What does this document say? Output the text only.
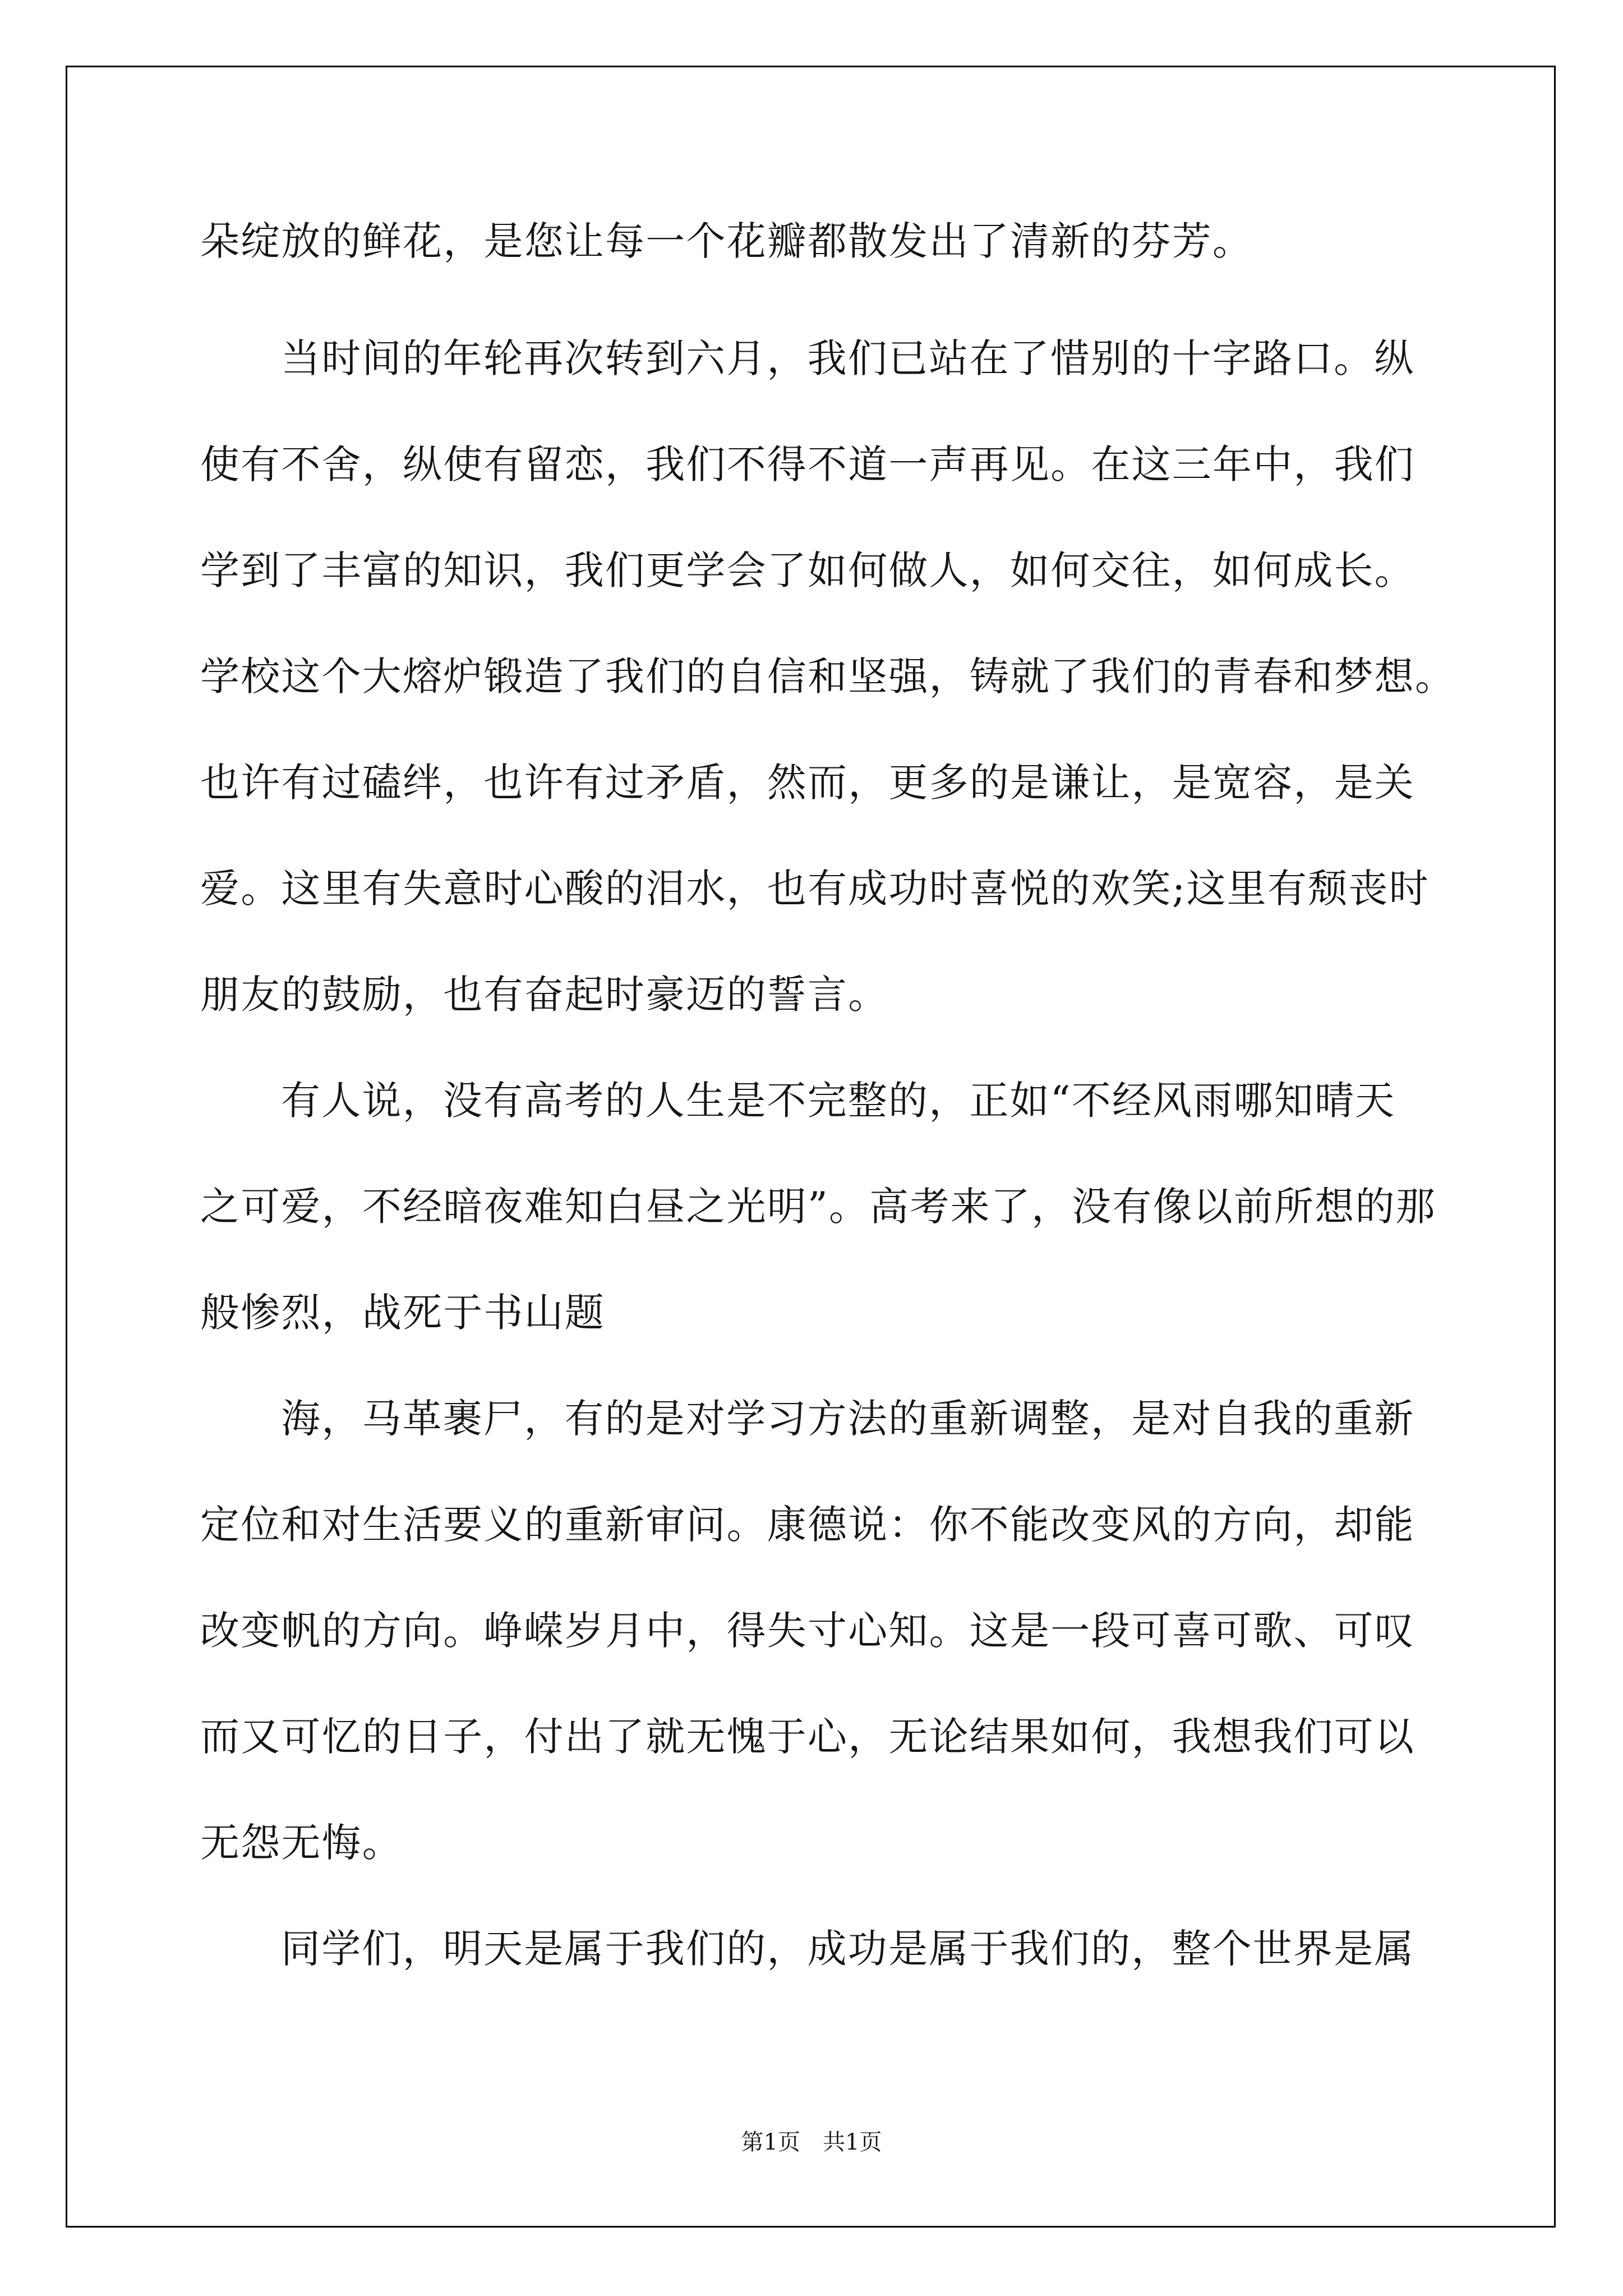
朵绽放的鲜花，是您让每一个花瓣都散发出了清新的芬芳。
当时间的年轮再次转到六月，我们已站在了惜别的十字路口。纵
使有不舍，纵使有留恋，我们不得不道一声再见。在这三年中，我们
学到了丰富的知识，我们更学会了如何做人，如何交往，如何成长。
学校这个大熔炉锻造了我们的自信和坚强，铸就了我们的青春和梦想。
也许有过磕绊，也许有过矛盾，然而，更多的是谦让，是宽容，是关
爱。这里有失意时心酸的泪水，也有成功时喜悦的欢笑;这里有颓丧时
朋友的鼓励，也有奋起时豪迈的誓言。
有人说，没有高考的人生是不完整的，正如“不经风雨哪知晴天
之可爱，不经暗夜难知白昼之光明”。高考来了，没有像以前所想的那
般惨烈，战死于书山题
海，马革裹尸，有的是对学习方法的重新调整，是对自我的重新
定位和对生活要义的重新审问。康德说：你不能改变风的方向，却能
改变帆的方向。峥嵘岁月中，得失寸心知。这是一段可喜可歌、可叹
而又可忆的日子，付出了就无愧于心，无论结果如何，我想我们可以
无怨无悔。
同学们，明天是属于我们的，成功是属于我们的，整个世界是属
第1页　共1页
